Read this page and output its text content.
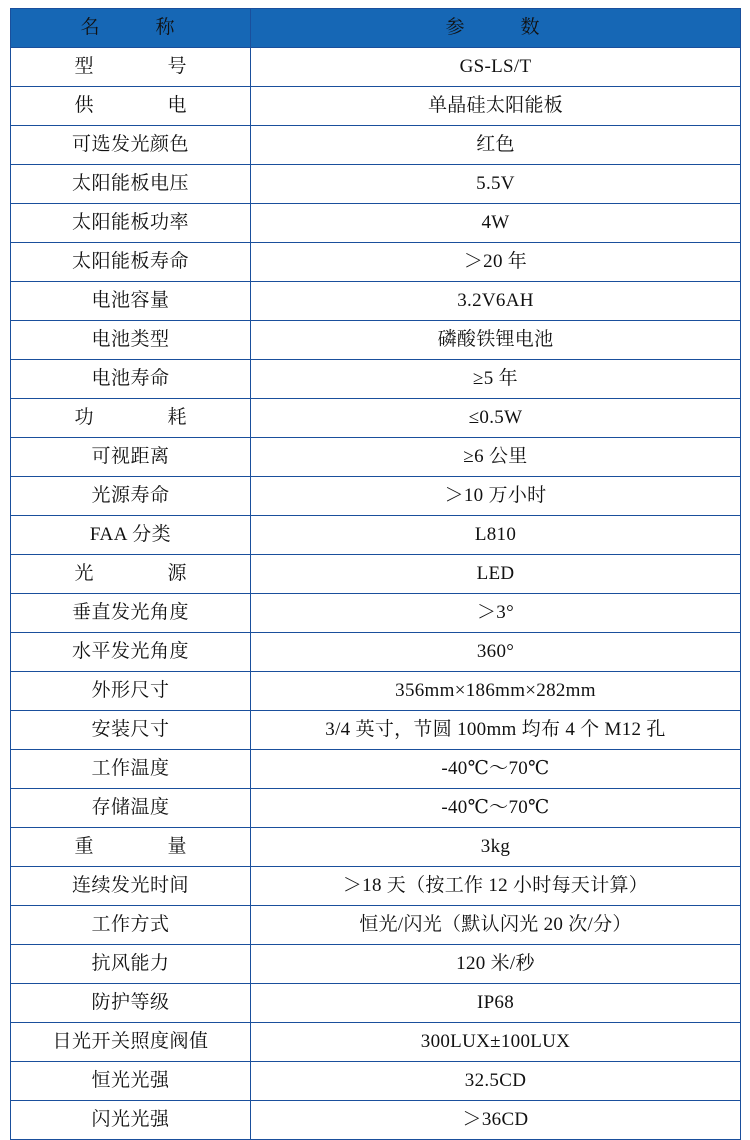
名　　称	参　　数
型　　号	GS-LS/T
供　　电	单晶硅太阳能板
可选发光颜色	红色
太阳能板电压	5.5V
太阳能板功率	4W
太阳能板寿命	＞20 年
电池容量	3.2V6AH
电池类型	磷酸铁锂电池
电池寿命	≥5 年
功　　耗	≤0.5W
可视距离	≥6 公里
光源寿命	＞10 万小时
FAA 分类	L810
光　　源	LED
垂直发光角度	＞3°
水平发光角度	360°
外形尺寸	356mm×186mm×282mm
安装尺寸	3/4 英寸，节圆 100mm 均布 4 个 M12 孔
工作温度	-40℃～70℃
存储温度	-40℃～70℃
重　　量	3kg
连续发光时间	＞18 天（按工作 12 小时每天计算）
工作方式	恒光/闪光（默认闪光 20 次/分）
抗风能力	120 米/秒
防护等级	IP68
日光开关照度阀值	300LUX±100LUX
恒光光强	32.5CD
闪光光强	＞36CD
